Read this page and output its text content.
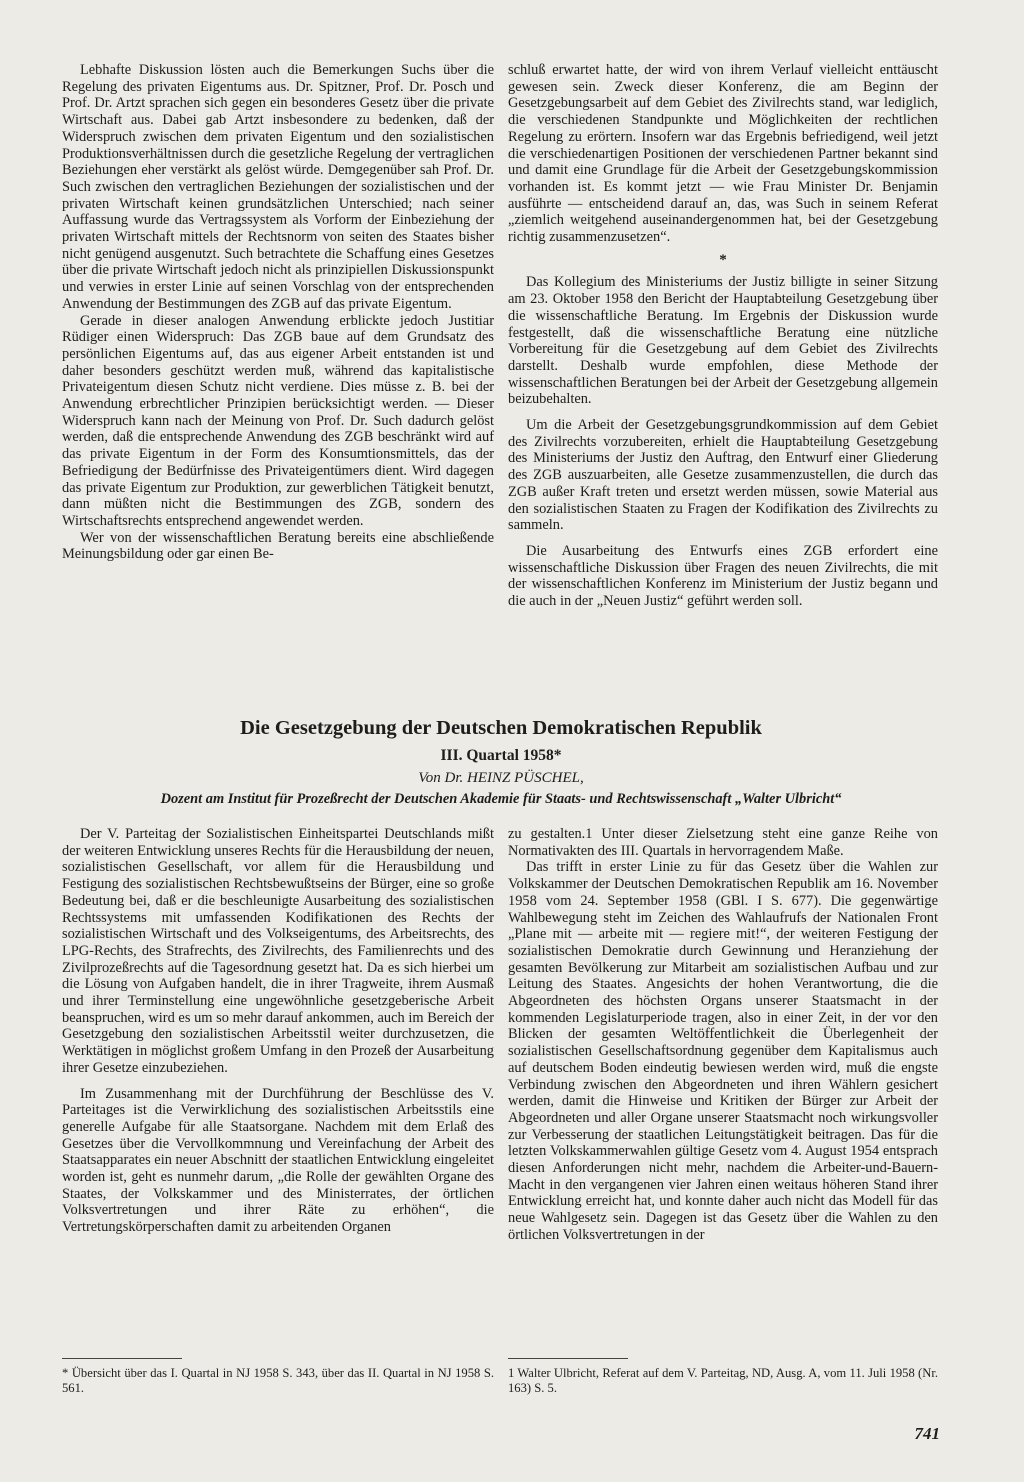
Lebhafte Diskussion lösten auch die Bemerkungen Suchs über die Regelung des privaten Eigentums aus. Dr. Spitzner, Prof. Dr. Posch und Prof. Dr. Artzt sprachen sich gegen ein besonderes Gesetz über die private Wirtschaft aus. Dabei gab Artzt insbesondere zu bedenken, daß der Widerspruch zwischen dem privaten Eigentum und den sozialistischen Produktionsverhältnissen durch die gesetzliche Regelung der vertraglichen Beziehungen eher verstärkt als gelöst würde. Demgegenüber sah Prof. Dr. Such zwischen den vertraglichen Beziehungen der sozialistischen und der privaten Wirtschaft keinen grundsätzlichen Unterschied; nach seiner Auffassung wurde das Vertragssystem als Vorform der Einbeziehung der privaten Wirtschaft mittels der Rechtsnorm von seiten des Staates bisher nicht genügend ausgenutzt. Such betrachtete die Schaffung eines Gesetzes über die private Wirtschaft jedoch nicht als prinzipiellen Diskussionspunkt und verwies in erster Linie auf seinen Vorschlag von der entsprechenden Anwendung der Bestimmungen des ZGB auf das private Eigentum.

Gerade in dieser analogen Anwendung erblickte jedoch Justitiar Rüdiger einen Widerspruch: Das ZGB baue auf dem Grundsatz des persönlichen Eigentums auf, das aus eigener Arbeit entstanden ist und daher besonders geschützt werden muß, während das kapitalistische Privateigentum diesen Schutz nicht verdiene. Dies müsse z. B. bei der Anwendung erbrechtlicher Prinzipien berücksichtigt werden. — Dieser Widerspruch kann nach der Meinung von Prof. Dr. Such dadurch gelöst werden, daß die entsprechende Anwendung des ZGB beschränkt wird auf das private Eigentum in der Form des Konsumtionsmittels, das der Befriedigung der Bedürfnisse des Privateigentümers dient. Wird dagegen das private Eigentum zur Produktion, zur gewerblichen Tätigkeit benutzt, dann müßten nicht die Bestimmungen des ZGB, sondern des Wirtschaftsrechts entsprechend angewendet werden.

Wer von der wissenschaftlichen Beratung bereits eine abschließende Meinungsbildung oder gar einen Be-

schluß erwartet hatte, der wird von ihrem Verlauf vielleicht enttäuscht gewesen sein. Zweck dieser Konferenz, die am Beginn der Gesetzgebungsarbeit auf dem Gebiet des Zivilrechts stand, war lediglich, die verschiedenen Standpunkte und Möglichkeiten der rechtlichen Regelung zu erörtern. Insofern war das Ergebnis befriedigend, weil jetzt die verschiedenartigen Positionen der verschiedenen Partner bekannt sind und damit eine Grundlage für die Arbeit der Gesetzgebungskommission vorhanden ist. Es kommt jetzt — wie Frau Minister Dr. Benjamin ausführte — entscheidend darauf an, das, was Such in seinem Referat „ziemlich weitgehend auseinandergenommen hat, bei der Gesetzgebung richtig zusammenzusetzen“.

*

Das Kollegium des Ministeriums der Justiz billigte in seiner Sitzung am 23. Oktober 1958 den Bericht der Hauptabteilung Gesetzgebung über die wissenschaftliche Beratung. Im Ergebnis der Diskussion wurde festgestellt, daß die wissenschaftliche Beratung eine nützliche Vorbereitung für die Gesetzgebung auf dem Gebiet des Zivilrechts darstellt. Deshalb wurde empfohlen, diese Methode der wissenschaftlichen Beratungen bei der Arbeit der Gesetzgebung allgemein beizubehalten.

Um die Arbeit der Gesetzgebungsgrundkommission auf dem Gebiet des Zivilrechts vorzubereiten, erhielt die Hauptabteilung Gesetzgebung des Ministeriums der Justiz den Auftrag, den Entwurf einer Gliederung des ZGB auszuarbeiten, alle Gesetze zusammenzustellen, die durch das ZGB außer Kraft treten und ersetzt werden müssen, sowie Material aus den sozialistischen Staaten zu Fragen der Kodifikation des Zivilrechts zu sammeln.

Die Ausarbeitung des Entwurfs eines ZGB erfordert eine wissenschaftliche Diskussion über Fragen des neuen Zivilrechts, die mit der wissenschaftlichen Konferenz im Ministerium der Justiz begann und die auch in der „Neuen Justiz“ geführt werden soll.

Die Gesetzgebung der Deutschen Demokratischen Republik
III. Quartal 1958*
Von Dr. HEINZ PÜSCHEL,
Dozent am Institut für Prozeßrecht der Deutschen Akademie für Staats- und Rechtswissenschaft „Walter Ulbricht“

Der V. Parteitag der Sozialistischen Einheitspartei Deutschlands mißt der weiteren Entwicklung unseres Rechts für die Herausbildung der neuen, sozialistischen Gesellschaft, vor allem für die Herausbildung und Festigung des sozialistischen Rechtsbewußtseins der Bürger, eine so große Bedeutung bei, daß er die beschleunigte Ausarbeitung des sozialistischen Rechtssystems mit umfassenden Kodifikationen des Rechts der sozialistischen Wirtschaft und des Volkseigentums, des Arbeitsrechts, des LPG-Rechts, des Strafrechts, des Zivilrechts, des Familienrechts und des Zivilprozeßrechts auf die Tagesordnung gesetzt hat. Da es sich hierbei um die Lösung von Aufgaben handelt, die in ihrer Tragweite, ihrem Ausmaß und ihrer Terminstellung eine ungewöhnliche gesetzgeberische Arbeit beanspruchen, wird es um so mehr darauf ankommen, auch im Bereich der Gesetzgebung den sozialistischen Arbeitsstil weiter durchzusetzen, die Werktätigen in möglichst großem Umfang in den Prozeß der Ausarbeitung ihrer Gesetze einzubeziehen.

Im Zusammenhang mit der Durchführung der Beschlüsse des V. Parteitages ist die Verwirklichung des sozialistischen Arbeitsstils eine generelle Aufgabe für alle Staatsorgane. Nachdem mit dem Erlaß des Gesetzes über die Vervollkommnung und Vereinfachung der Arbeit des Staatsapparates ein neuer Abschnitt der staatlichen Entwicklung eingeleitet worden ist, geht es nunmehr darum, „die Rolle der gewählten Organe des Staates, der Volkskammer und des Ministerrates, der örtlichen Volksvertretungen und ihrer Räte zu erhöhen“, die Vertretungskörperschaften damit zu arbeitenden Organen

zu gestalten.1 Unter dieser Zielsetzung steht eine ganze Reihe von Normativakten des III. Quartals in hervorragendem Maße.

Das trifft in erster Linie zu für das Gesetz über die Wahlen zur Volkskammer der Deutschen Demokratischen Republik am 16. November 1958 vom 24. September 1958 (GBl. I S. 677). Die gegenwärtige Wahlbewegung steht im Zeichen des Wahlaufrufs der Nationalen Front „Plane mit — arbeite mit — regiere mit!“, der weiteren Festigung der sozialistischen Demokratie durch Gewinnung und Heranziehung der gesamten Bevölkerung zur Mitarbeit am sozialistischen Aufbau und zur Leitung des Staates. Angesichts der hohen Verantwortung, die die Abgeordneten des höchsten Organs unserer Staatsmacht in der kommenden Legislaturperiode tragen, also in einer Zeit, in der vor den Blicken der gesamten Weltöffentlichkeit die Überlegenheit der sozialistischen Gesellschaftsordnung gegenüber dem Kapitalismus auch auf deutschem Boden eindeutig bewiesen werden wird, muß die engste Verbindung zwischen den Abgeordneten und ihren Wählern gesichert werden, damit die Hinweise und Kritiken der Bürger zur Arbeit der Abgeordneten und aller Organe unserer Staatsmacht noch wirkungsvoller zur Verbesserung der staatlichen Leitungstätigkeit beitragen. Das für die letzten Volkskammerwahlen gültige Gesetz vom 4. August 1954 entsprach diesen Anforderungen nicht mehr, nachdem die Arbeiter-und-Bauern-Macht in den vergangenen vier Jahren einen weitaus höheren Stand ihrer Entwicklung erreicht hat, und konnte daher auch nicht das Modell für das neue Wahlgesetz sein. Dagegen ist das Gesetz über die Wahlen zu den örtlichen Volksvertretungen in der

* Übersicht über das I. Quartal in NJ 1958 S. 343, über das II. Quartal in NJ 1958 S. 561.
1 Walter Ulbricht, Referat auf dem V. Parteitag, ND, Ausg. A, vom 11. Juli 1958 (Nr. 163) S. 5.
741
